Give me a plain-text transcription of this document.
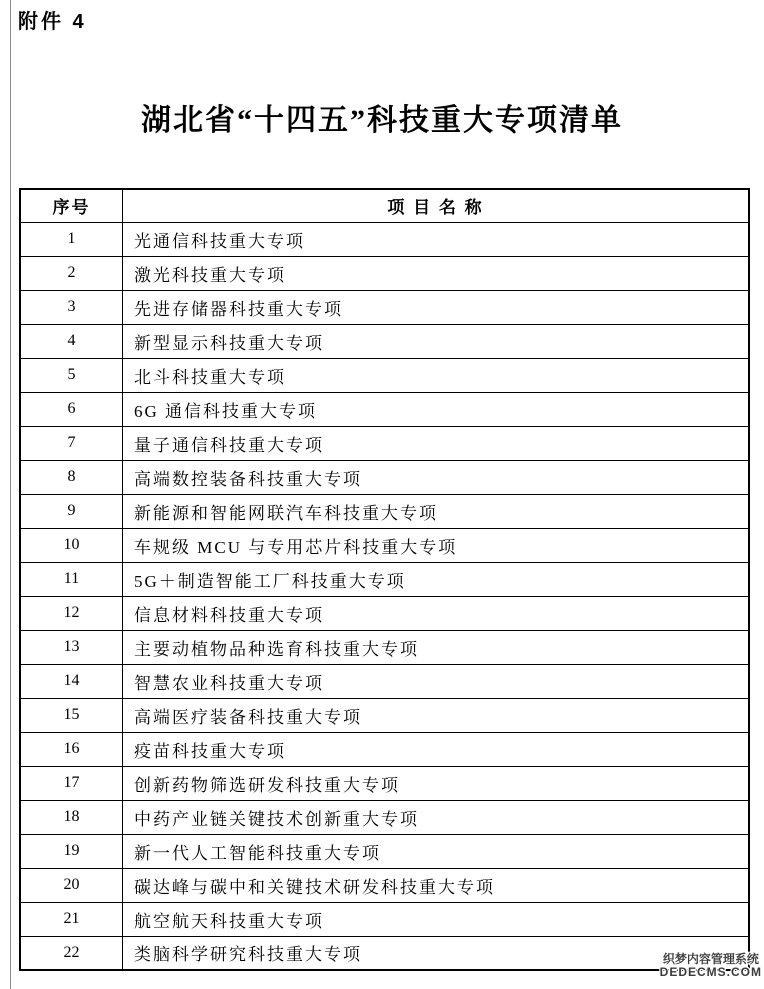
附件 4
湖北省“十四五”科技重大专项清单
序号	项 目 名 称
1	光通信科技重大专项
2	激光科技重大专项
3	先进存储器科技重大专项
4	新型显示科技重大专项
5	北斗科技重大专项
6	6G 通信科技重大专项
7	量子通信科技重大专项
8	高端数控装备科技重大专项
9	新能源和智能网联汽车科技重大专项
10	车规级 MCU 与专用芯片科技重大专项
11	5G＋制造智能工厂科技重大专项
12	信息材料科技重大专项
13	主要动植物品种选育科技重大专项
14	智慧农业科技重大专项
15	高端医疗装备科技重大专项
16	疫苗科技重大专项
17	创新药物筛选研发科技重大专项
18	中药产业链关键技术创新重大专项
19	新一代人工智能科技重大专项
20	碳达峰与碳中和关键技术研发科技重大专项
21	航空航天科技重大专项
22	类脑科学研究科技重大专项	织梦内容管理系统
DEDECMS.COM
